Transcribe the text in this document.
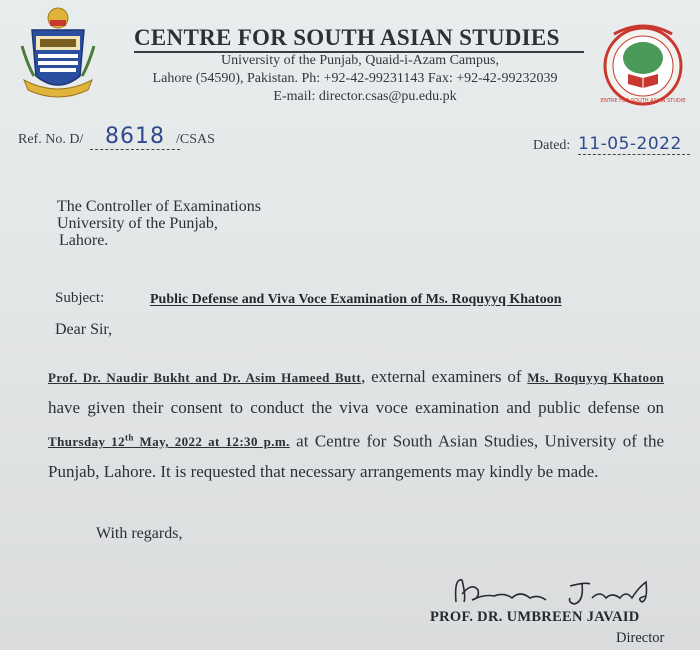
CENTRE FOR SOUTH ASIAN STUDIES
University of the Punjab, Quaid-i-Azam Campus,
Lahore (54590), Pakistan. Ph: +92-42-99231143 Fax: +92-42-99232039
E-mail: director.csas@pu.edu.pk	CENTRE FOR SOUTH ASIAN STUDIES
Ref. No. D/ 8618 /CSAS	Dated: 11-05-2022
The Controller of Examinations
University of the Punjab,
Lahore.
Subject:	Public Defense and Viva Voce Examination of Ms. Roquyyq Khatoon
Dear Sir,
Prof. Dr. Naudir Bukht and Dr. Asim Hameed Butt, external examiners of Ms. Roquyyq Khatoon have given their consent to conduct the viva voce examination and public defense on Thursday 12th May, 2022 at 12:30 p.m. at Centre for South Asian Studies, University of the Punjab, Lahore. It is requested that necessary arrangements may kindly be made.
With regards,
PROF. DR. UMBREEN JAVAID
Director
